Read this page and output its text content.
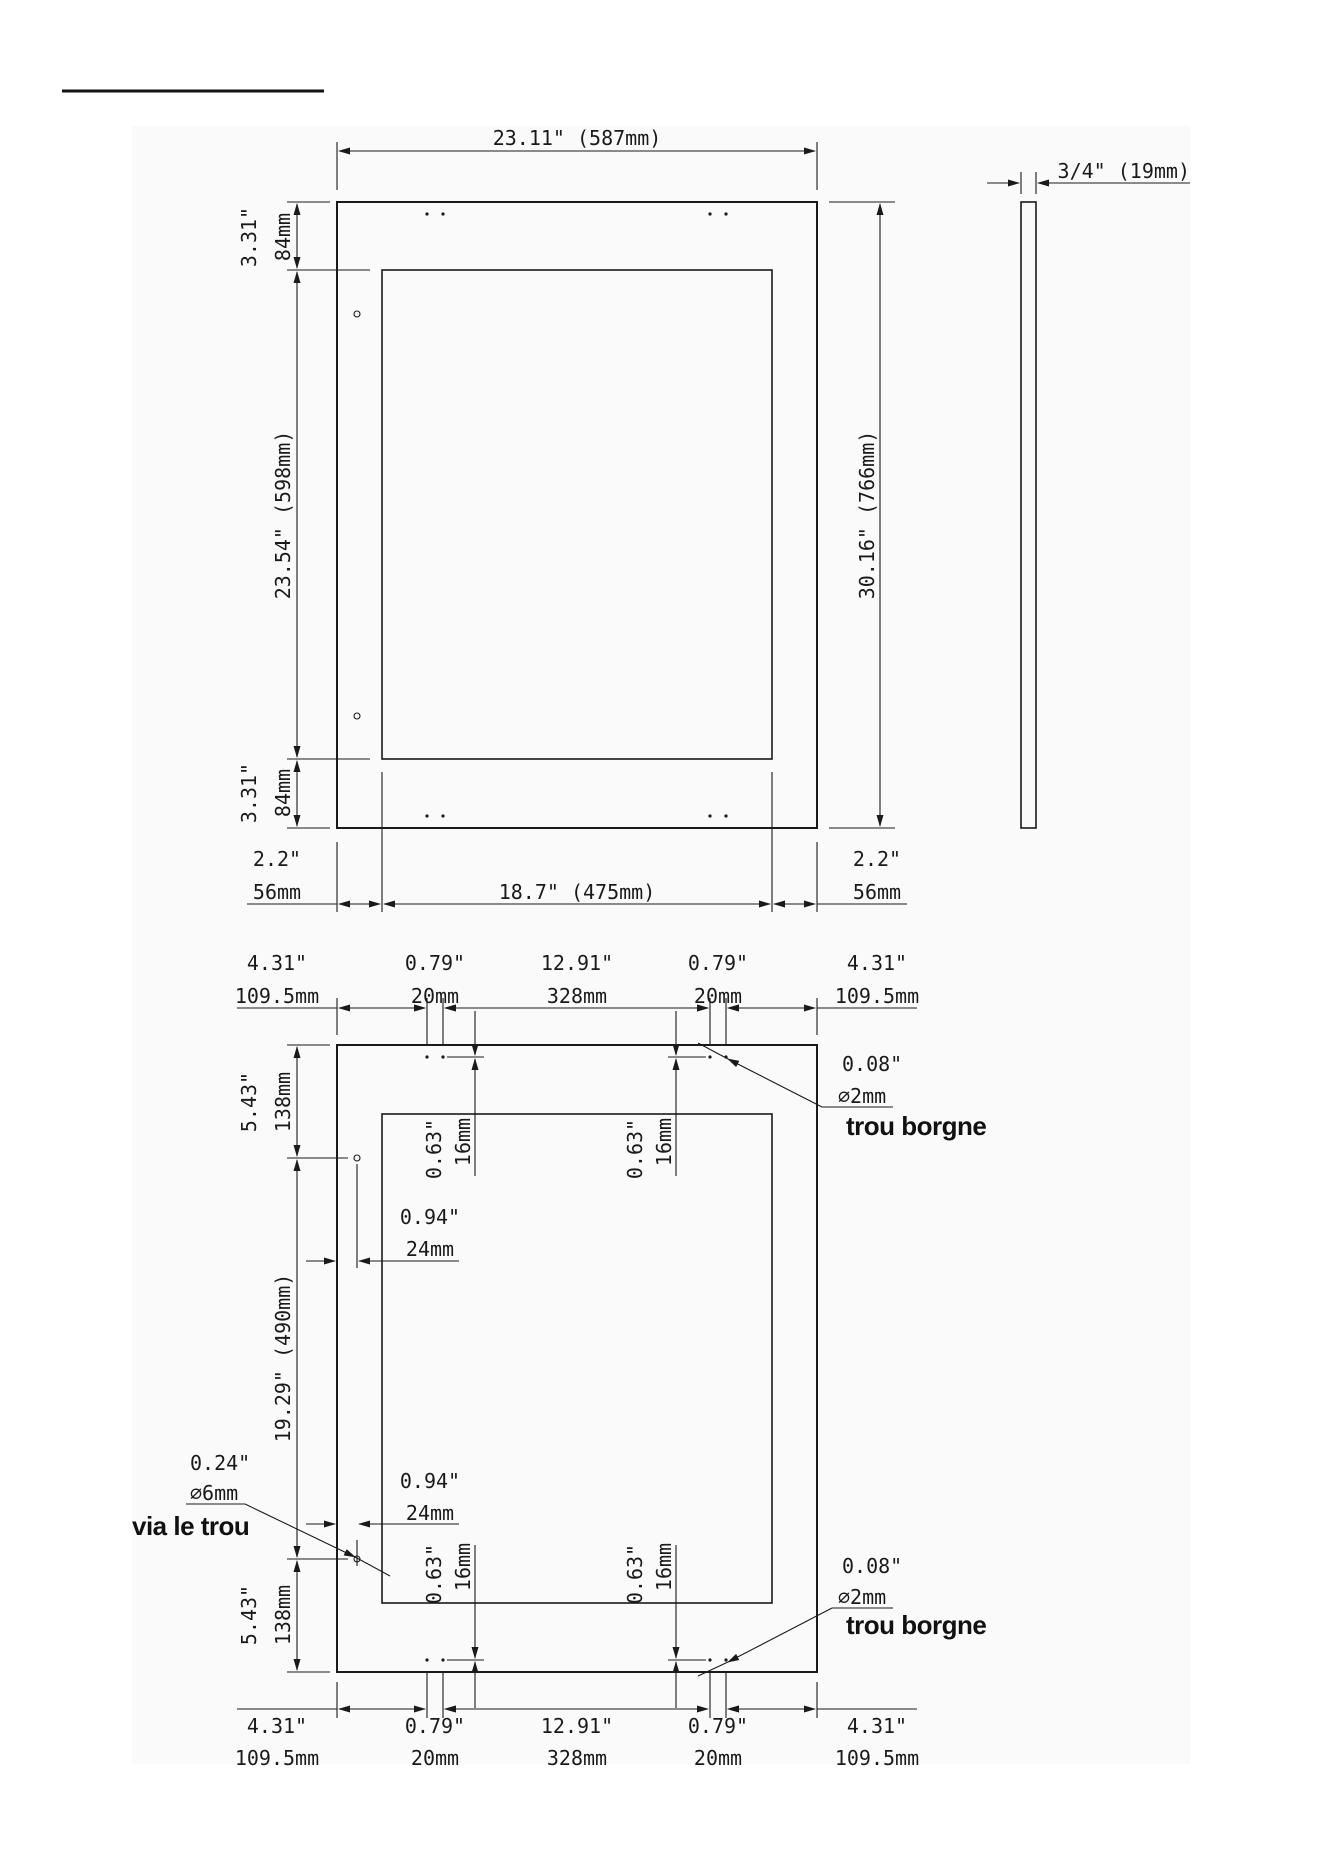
23.11" (587mm)
30.16" (766mm)
3.31" 84mm
23.54" (598mm)
3.31" 84mm
2.2"
56mm	18.7" (475mm)
2.2"
56mm
3/4" (19mm)
4.31"
109.5mm
0.79"
20mm
12.91"
328mm
0.79"
20mm
4.31"
109.5mm
0.63" 16mm	0.63" 16mm
0.63" 16mm	0.63" 16mm
0.94"
24mm
0.94"
24mm
5.43" 138mm
19.29" (490mm)
5.43" 138mm
0.24"
⌀6mm
via le trou
0.08"
⌀2mm
trou borgne
0.08"
⌀2mm
trou borgne
4.31"
109.5mm
0.79"
20mm
12.91"
328mm
0.79"
20mm
4.31"
109.5mm
